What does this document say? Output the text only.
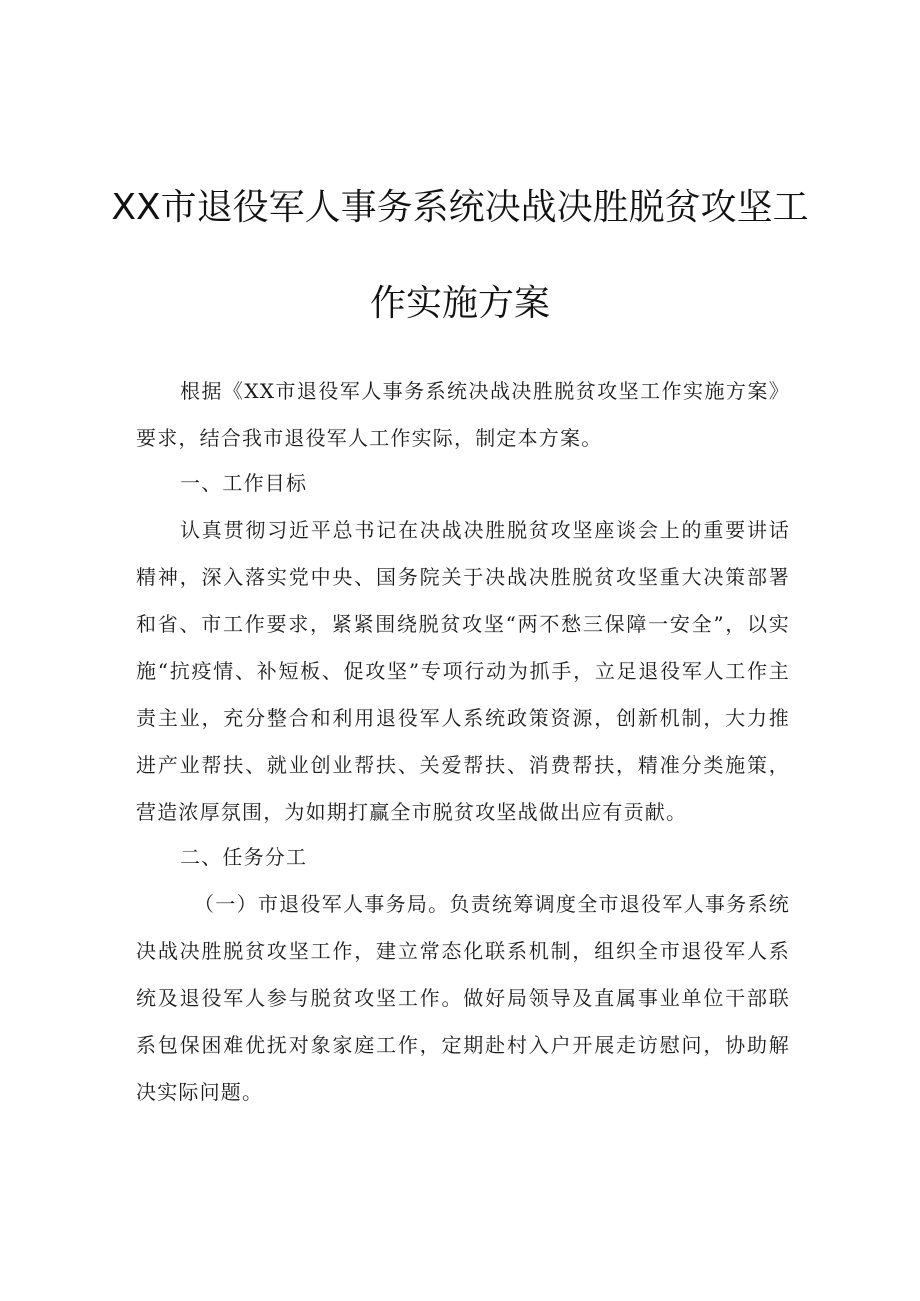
XX市退役军人事务系统决战决胜脱贫攻坚工
作实施方案

根据《XX市退役军人事务系统决战决胜脱贫攻坚工作实施方案》要求，结合我市退役军人工作实际，制定本方案。

一、工作目标

认真贯彻习近平总书记在决战决胜脱贫攻坚座谈会上的重要讲话精神，深入落实党中央、国务院关于决战决胜脱贫攻坚重大决策部署和省、市工作要求，紧紧围绕脱贫攻坚“两不愁三保障一安全”，以实施“抗疫情、补短板、促攻坚”专项行动为抓手，立足退役军人工作主责主业，充分整合和利用退役军人系统政策资源，创新机制，大力推进产业帮扶、就业创业帮扶、关爱帮扶、消费帮扶，精准分类施策，营造浓厚氛围，为如期打赢全市脱贫攻坚战做出应有贡献。

二、任务分工

（一）市退役军人事务局。负责统筹调度全市退役军人事务系统决战决胜脱贫攻坚工作，建立常态化联系机制，组织全市退役军人系统及退役军人参与脱贫攻坚工作。做好局领导及直属事业单位干部联系包保困难优抚对象家庭工作，定期赴村入户开展走访慰问，协助解决实际问题。
